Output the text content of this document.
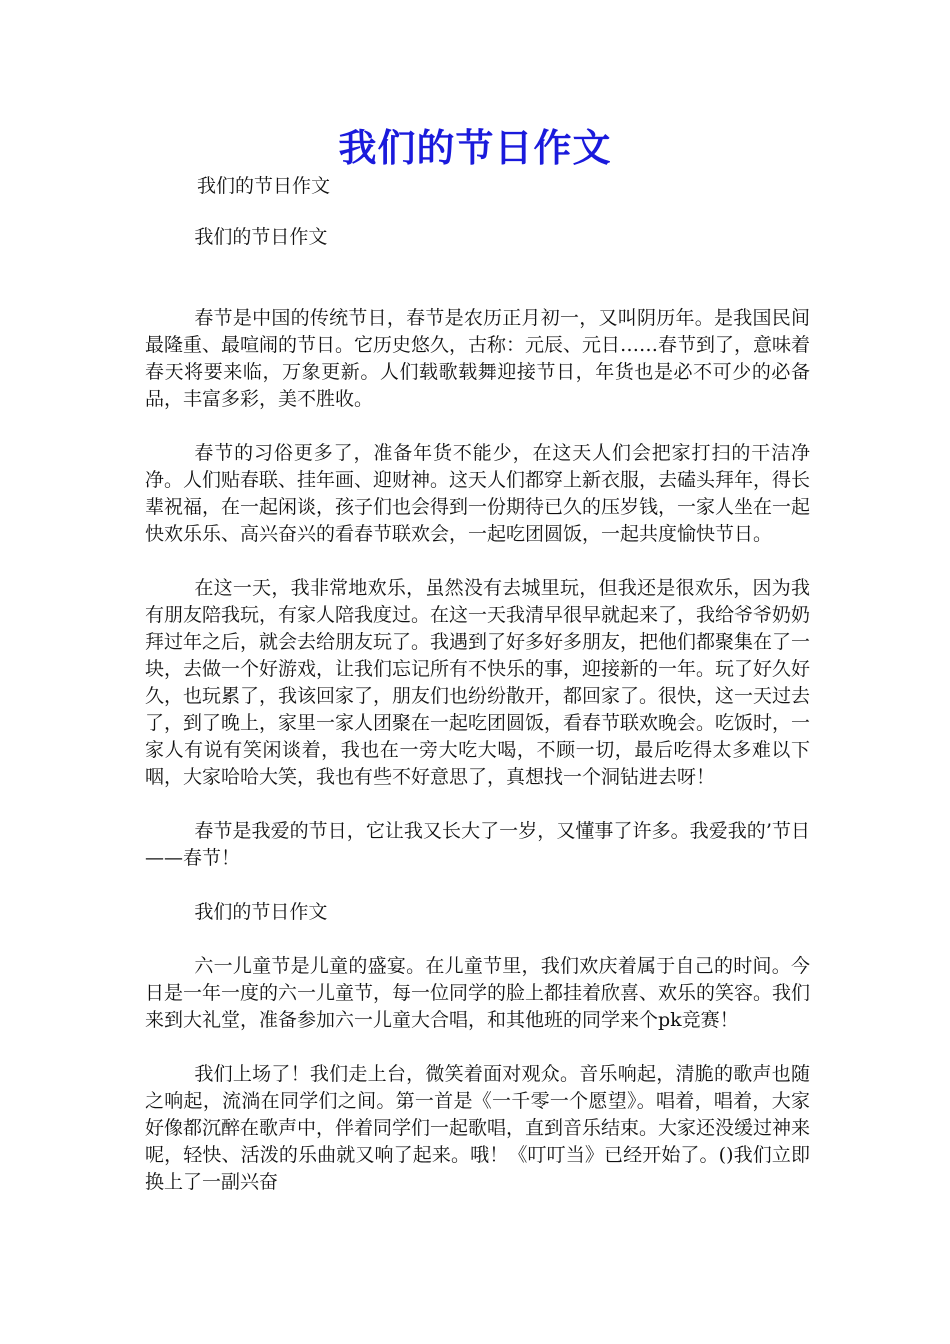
我们的节日作文
我们的节日作文

我们的节日作文

春节是中国的传统节日，春节是农历正月初一，又叫阴历年。是我国民间最隆重、最喧闹的节日。它历史悠久，古称：元辰、元日……春节到了，意味着春天将要来临，万象更新。人们载歌载舞迎接节日，年货也是必不可少的必备品，丰富多彩，美不胜收。

春节的习俗更多了，准备年货不能少，在这天人们会把家打扫的干洁净净。人们贴春联、挂年画、迎财神。这天人们都穿上新衣服，去磕头拜年，得长辈祝福，在一起闲谈，孩子们也会得到一份期待已久的压岁钱，一家人坐在一起快欢乐乐、高兴奋兴的看春节联欢会，一起吃团圆饭，一起共度愉快节日。

在这一天，我非常地欢乐，虽然没有去城里玩，但我还是很欢乐，因为我有朋友陪我玩，有家人陪我度过。在这一天我清早很早就起来了，我给爷爷奶奶拜过年之后，就会去给朋友玩了。我遇到了好多好多朋友，把他们都聚集在了一块，去做一个好游戏，让我们忘记所有不快乐的事，迎接新的一年。玩了好久好久，也玩累了，我该回家了，朋友们也纷纷散开，都回家了。很快，这一天过去了，到了晚上，家里一家人团聚在一起吃团圆饭，看春节联欢晚会。吃饭时，一家人有说有笑闲谈着，我也在一旁大吃大喝，不顾一切，最后吃得太多难以下咽，大家哈哈大笑，我也有些不好意思了，真想找一个洞钻进去呀！

春节是我爱的节日，它让我又长大了一岁，又懂事了许多。我爱我的’节日——春节！

我们的节日作文

六一儿童节是儿童的盛宴。在儿童节里，我们欢庆着属于自己的时间。今日是一年一度的六一儿童节，每一位同学的脸上都挂着欣喜、欢乐的笑容。我们来到大礼堂，准备参加六一儿童大合唱，和其他班的同学来个pk竞赛！

我们上场了！我们走上台，微笑着面对观众。音乐响起，清脆的歌声也随之响起，流淌在同学们之间。第一首是《一千零一个愿望》。唱着，唱着，大家好像都沉醉在歌声中，伴着同学们一起歌唱，直到音乐结束。大家还没缓过神来呢，轻快、活泼的乐曲就又响了起来。哦！《叮叮当》已经开始了。()我们立即换上了一副兴奋
